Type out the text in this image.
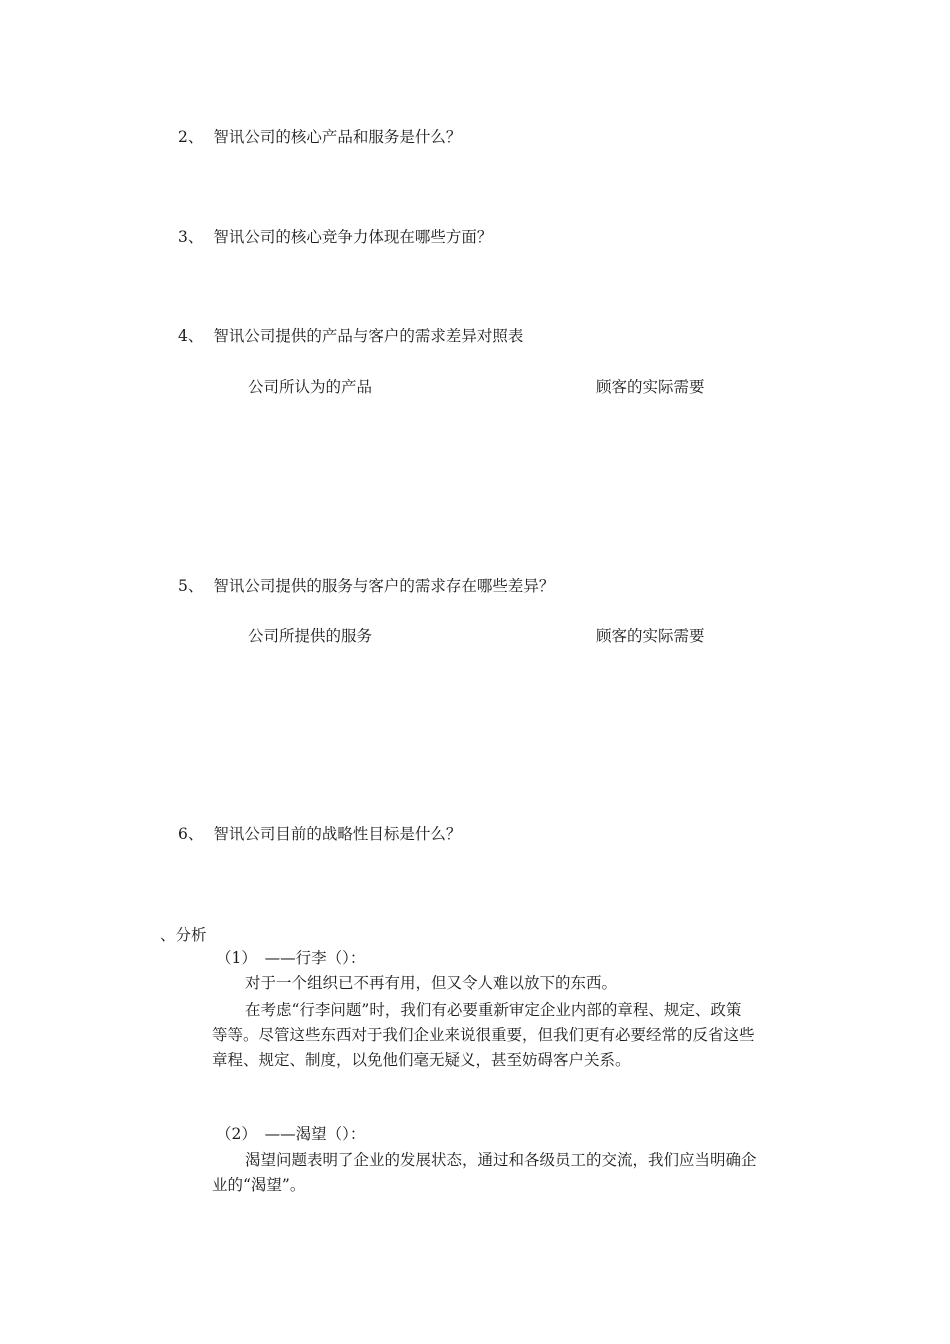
2、 智讯公司的核心产品和服务是什么？
3、 智讯公司的核心竞争力体现在哪些方面？
4、 智讯公司提供的产品与客户的需求差异对照表
公司所认为的产品	顾客的实际需要
5、 智讯公司提供的服务与客户的需求存在哪些差异？
公司所提供的服务	顾客的实际需要
6、 智讯公司目前的战略性目标是什么？
、分析
（1）　——行李（）：
对于一个组织已不再有用，但又令人难以放下的东西。
在考虑“行李问题”时，我们有必要重新审定企业内部的章程、规定、政策
等等。尽管这些东西对于我们企业来说很重要，但我们更有必要经常的反省这些
章程、规定、制度，以免他们毫无疑义，甚至妨碍客户关系。
（2）　——渴望（）：
渴望问题表明了企业的发展状态，通过和各级员工的交流，我们应当明确企
业的“渴望”。
